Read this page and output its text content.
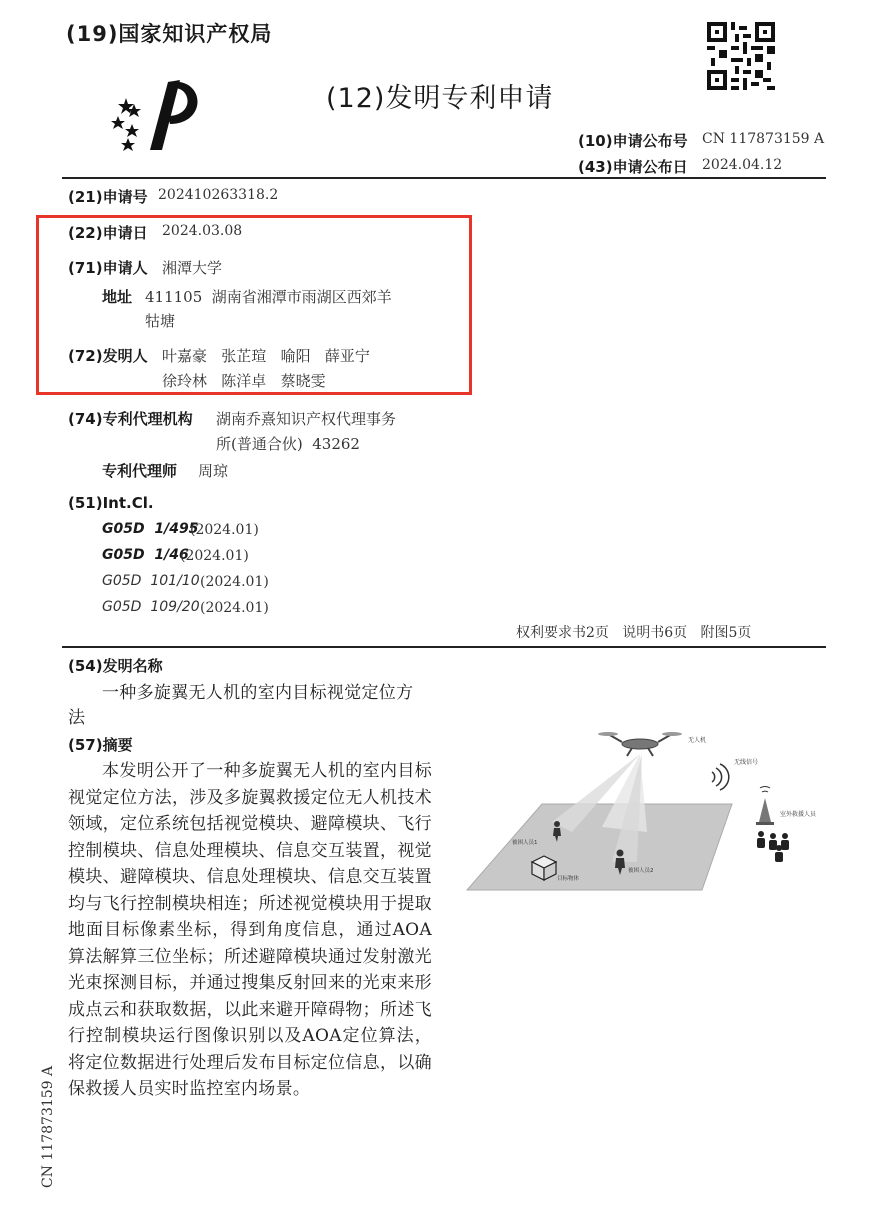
(19)国家知识产权局
(12)发明专利申请
(10)申请公布号 CN 117873159 A
(43)申请公布日 2024.04.12
(21)申请号 202410263318.2
(22)申请日 2024.03.08
(71)申请人 湘潭大学
地址 411105  湖南省湘潭市雨湖区西郊羊
牯塘
(72)发明人 叶嘉豪   张芷瑄   喻阳   薛亚宁
徐玲林   陈洋卓   蔡晓雯
(74)专利代理机构 湖南乔熹知识产权代理事务
所(普通合伙)  43262
专利代理师 周琼
(51)Int.Cl.
G05D  1/495
(2024.01)
G05D  1/46
(2024.01)
G05D  101/10 (2024.01)
G05D  109/20 (2024.01)
权利要求书2页   说明书6页   附图5页
(54)发明名称
一种多旋翼无人机的室内目标视觉定位方
法
(57)摘要

本发明公开了一种多旋翼无人机的室内目标视觉定位方法，涉及多旋翼救援定位无人机技术领域，定位系统包括视觉模块、避障模块、飞行控制模块、信息处理模块、信息交互装置，视觉模块、避障模块、信息处理模块、信息交互装置均与飞行控制模块相连；所述视觉模块用于提取地面目标像素坐标，得到角度信息，通过AOA算法解算三位坐标；所述避障模块通过发射激光光束探测目标，并通过搜集反射回来的光束来形成点云和获取数据，以此来避开障碍物；所述飞行控制模块运行图像识别以及AOA定位算法，将定位数据进行处理后发布目标定位信息，以确保救援人员实时监控室内场景。

无人机
无线信号
室外救援人员
被困人员1
被困人员2
目标物体
CN 117873159 A
